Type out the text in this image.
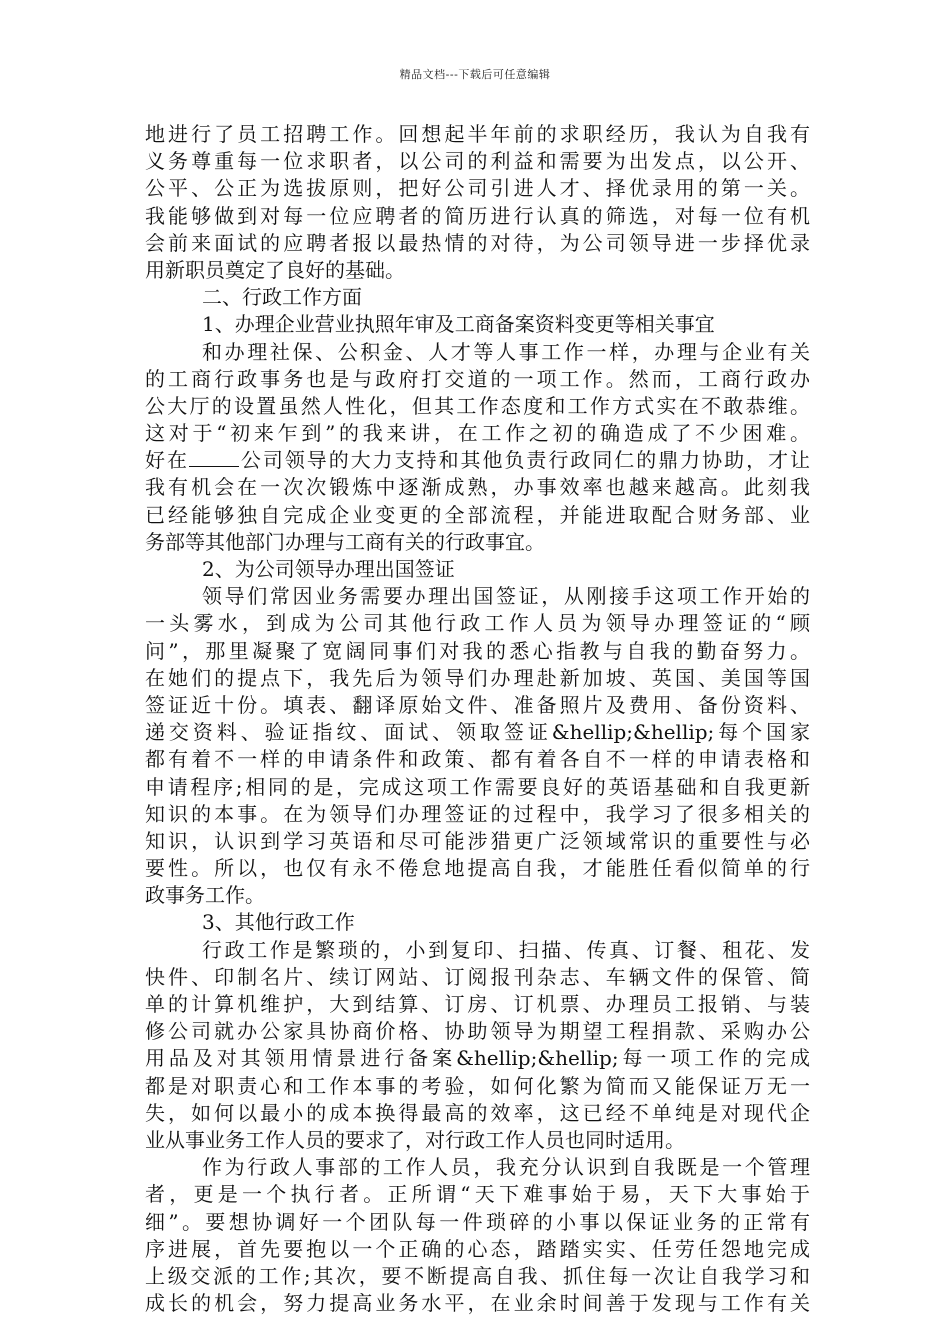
精品文档---下载后可任意编辑
地进行了员工招聘工作。回想起半年前的求职经历，我认为自我有
义务尊重每一位求职者，以公司的利益和需要为出发点，以公开、
公平、公正为选拔原则，把好公司引进人才、择优录用的第一关。
我能够做到对每一位应聘者的简历进行认真的筛选，对每一位有机
会前来面试的应聘者报以最热情的对待，为公司领导进一步择优录
用新职员奠定了良好的基础。
二、行政工作方面
1、办理企业营业执照年审及工商备案资料变更等相关事宜
和办理社保、公积金、人才等人事工作一样，办理与企业有关
的工商行政事务也是与政府打交道的一项工作。然而，工商行政办
公大厅的设置虽然人性化，但其工作态度和工作方式实在不敢恭维。
这对于“初来乍到”的我来讲，在工作之初的确造成了不少困难。
好在	公司领导的大力支持和其他负责行政同仁的鼎力协助，才让
我有机会在一次次锻炼中逐渐成熟，办事效率也越来越高。此刻我
已经能够独自完成企业变更的全部流程，并能进取配合财务部、业
务部等其他部门办理与工商有关的行政事宜。
2、为公司领导办理出国签证
领导们常因业务需要办理出国签证，从刚接手这项工作开始的
一头雾水，到成为公司其他行政工作人员为领导办理签证的“顾
问”，那里凝聚了宽阔同事们对我的悉心指教与自我的勤奋努力。
在她们的提点下，我先后为领导们办理赴新加坡、英国、美国等国
签证近十份。填表、翻译原始文件、准备照片及费用、备份资料、
递交资料、验证指纹、面试、领取签证&hellip;&hellip;每个国家
都有着不一样的申请条件和政策、都有着各自不一样的申请表格和
申请程序;相同的是，完成这项工作需要良好的英语基础和自我更新
知识的本事。在为领导们办理签证的过程中，我学习了很多相关的
知识，认识到学习英语和尽可能涉猎更广泛领域常识的重要性与必
要性。所以，也仅有永不倦怠地提高自我，才能胜任看似简单的行
政事务工作。
3、其他行政工作
行政工作是繁琐的，小到复印、扫描、传真、订餐、租花、发
快件、印制名片、续订网站、订阅报刊杂志、车辆文件的保管、简
单的计算机维护，大到结算、订房、订机票、办理员工报销、与装
修公司就办公家具协商价格、协助领导为期望工程捐款、采购办公
用品及对其领用情景进行备案&hellip;&hellip;每一项工作的完成
都是对职责心和工作本事的考验，如何化繁为简而又能保证万无一
失，如何以最小的成本换得最高的效率，这已经不单纯是对现代企
业从事业务工作人员的要求了，对行政工作人员也同时适用。
作为行政人事部的工作人员，我充分认识到自我既是一个管理
者，更是一个执行者。正所谓“天下难事始于易，天下大事始于
细”。要想协调好一个团队每一件琐碎的小事以保证业务的正常有
序进展，首先要抱以一个正确的心态，踏踏实实、任劳任怨地完成
上级交派的工作;其次，要不断提高自我、抓住每一次让自我学习和
成长的机会，努力提高业务水平，在业余时间善于发现与工作有关
